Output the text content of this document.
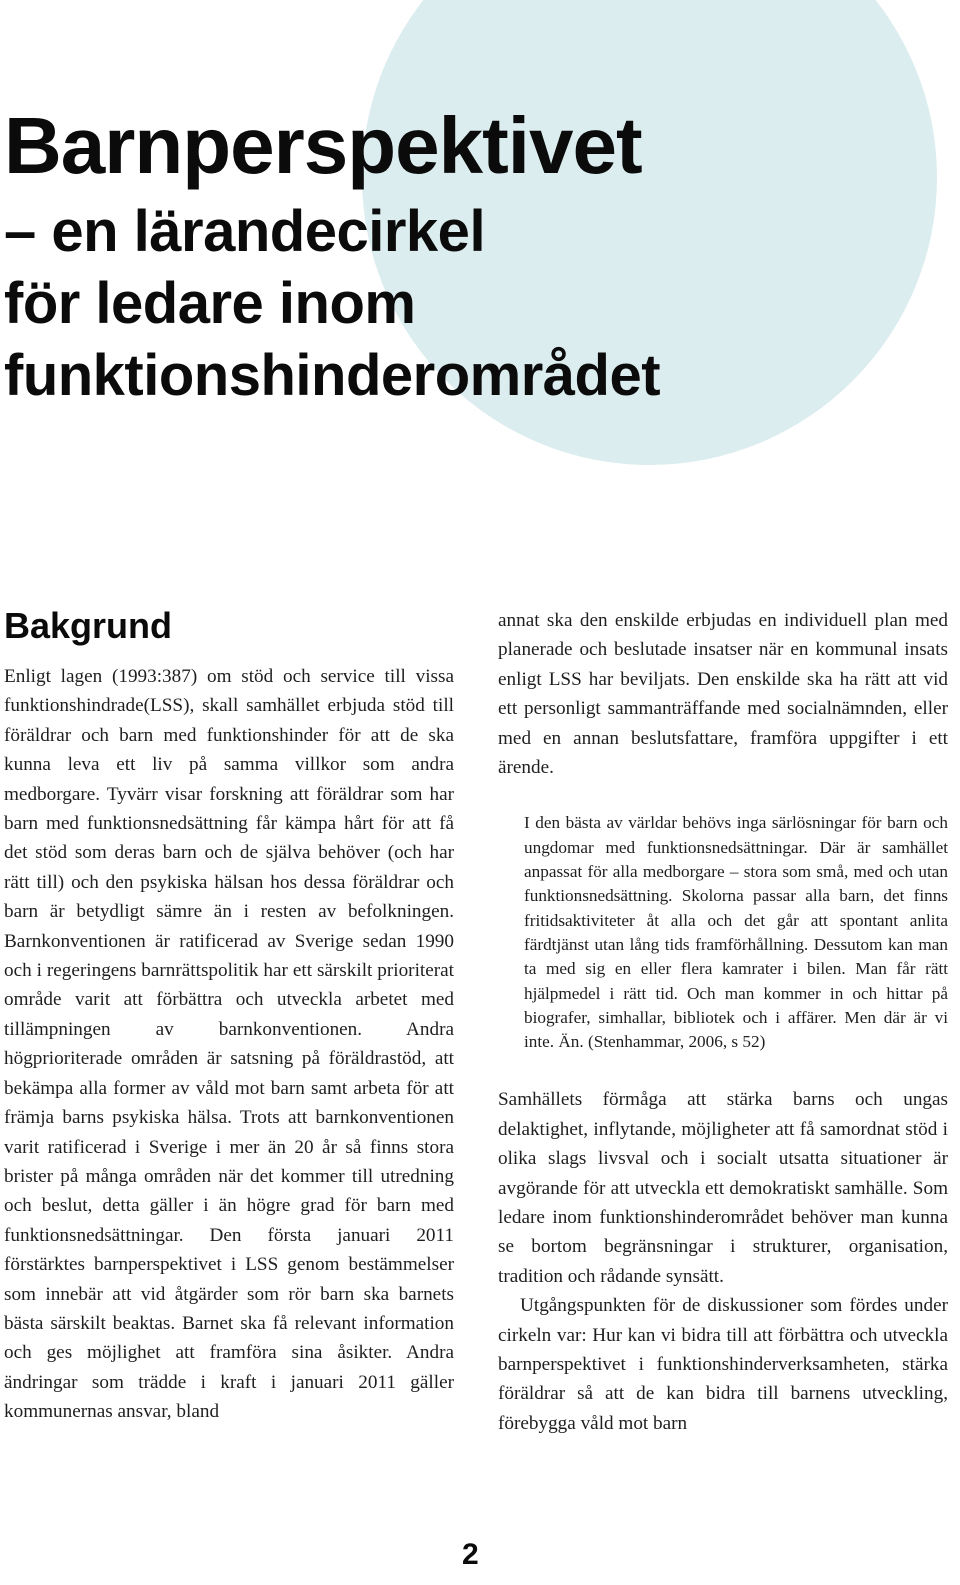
Barnperspektivet
– en lärandecirkel
för ledare inom
funktionshinderområdet
Bakgrund

Enligt lagen (1993:387) om stöd och service till vissa funktionshindrade(LSS), skall samhället erbjuda stöd till föräldrar och barn med funktionshinder för att de ska kunna leva ett liv på samma villkor som andra medborgare. Tyvärr visar forskning att föräldrar som har barn med funktionsnedsättning får kämpa hårt för att få det stöd som deras barn och de själva behöver (och har rätt till) och den psykiska hälsan hos dessa föräldrar och barn är betydligt sämre än i resten av befolkningen. Barnkonventionen är ratificerad av Sverige sedan 1990 och i regeringens barnrättspolitik har ett särskilt prioriterat område varit att förbättra och utveckla arbetet med tillämpningen av barnkonventionen. Andra högprioriterade områden är satsning på föräldrastöd, att bekämpa alla former av våld mot barn samt arbeta för att främja barns psykiska hälsa. Trots att barnkonventionen varit ratificerad i Sverige i mer än 20 år så finns stora brister på många områden när det kommer till utredning och beslut, detta gäller i än högre grad för barn med funktionsnedsättningar. Den första januari 2011 förstärktes barnperspektivet i LSS genom bestämmelser som innebär att vid åtgärder som rör barn ska barnets bästa särskilt beaktas. Barnet ska få relevant information och ges möjlighet att framföra sina åsikter. Andra ändringar som trädde i kraft i januari 2011 gäller kommunernas ansvar, bland

annat ska den enskilde erbjudas en individuell plan med planerade och beslutade insatser när en kommunal insats enligt LSS har beviljats. Den enskilde ska ha rätt att vid ett personligt sammanträffande med socialnämnden, eller med en annan beslutsfattare, framföra uppgifter i ett ärende.

I den bästa av världar behövs inga särlösningar för barn och ungdomar med funktionsnedsättningar. Där är samhället anpassat för alla medborgare – stora som små, med och utan funktionsnedsättning. Skolorna passar alla barn, det finns fritidsaktiviteter åt alla och det går att spontant anlita färdtjänst utan lång tids framförhållning. Dessutom kan man ta med sig en eller flera kamrater i bilen. Man får rätt hjälpmedel i rätt tid. Och man kommer in och hittar på biografer, simhallar, bibliotek och i affärer. Men där är vi inte. Än. (Stenhammar, 2006, s 52)

Samhällets förmåga att stärka barns och ungas delaktighet, inflytande, möjligheter att få samordnat stöd i olika slags livsval och i socialt utsatta situationer är avgörande för att utveckla ett demokratiskt samhälle. Som ledare inom funktionshinderområdet behöver man kunna se bortom begränsningar i strukturer, organisation, tradition och rådande synsätt.

Utgångspunkten för de diskussioner som fördes under cirkeln var: Hur kan vi bidra till att förbättra och utveckla barnperspektivet i funktionshinderverksamheten, stärka föräldrar så att de kan bidra till barnens utveckling, förebygga våld mot barn

2
